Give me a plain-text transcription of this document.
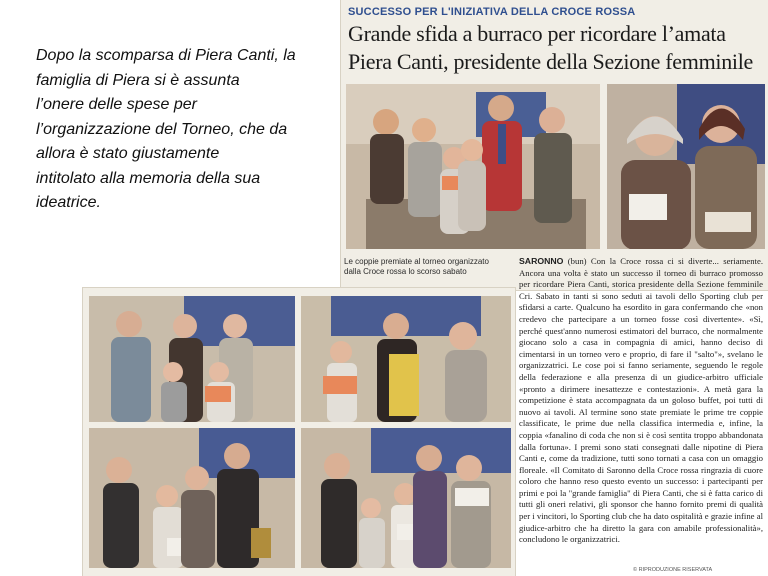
Dopo la scomparsa di Piera Canti, la
famiglia di Piera si è assunta
l’onere delle spese per
l’organizzazione del Torneo, che da
allora è stato giustamente
intitolato alla memoria della sua
ideatrice.
SUCCESSO PER L'INIZIATIVA DELLA CROCE ROSSA
Grande sfida a burraco per ricordare l’amata
Piera Canti, presidente della Sezione femminile
Le coppie premiate al torneo organizzato
dalla Croce rossa lo scorso sabato
SARONNO (bun) Con la Croce rossa ci si diverte... seriamente. Ancora una volta è stato un successo il torneo di burraco promosso per ricordare Piera Canti, storica presidente della Sezione femminile Cri. Sabato in tanti si sono seduti ai tavoli dello Sporting club per sfidarsi a carte. Qualcuno ha esordito in gara confermando che «non credevo che partecipare a un torneo fosse così divertente». «Sì, perché quest'anno numerosi estimatori del burraco, che normalmente giocano solo a casa in compagnia di amici, hanno deciso di cimentarsi in un torneo vero e proprio, di fare il "salto"», svelano le organizzatrici. Le cose poi si fanno seriamente, seguendo le regole della federazione e alla presenza di un giudice-arbitro ufficiale «pronto a dirimere inesattezze e contestazioni». A metà gara la competizione è stata accompagnata da un goloso buffet, poi tutti di nuovo ai tavoli. Al termine sono state premiate le prime tre coppie classificate, le prime due nella classifica intermedia e, infine, la coppia «fanalino di coda che non si è così sentita troppo abbandonata dalla fortuna». I premi sono stati consegnati dalle nipotine di Piera Canti e, come da tradizione, tutti sono tornati a casa con un omaggio floreale. «Il Comitato di Saronno della Croce rossa ringrazia di cuore coloro che hanno reso questo evento un successo: i partecipanti per primi e poi la "grande famiglia" di Piera Canti, che si è fatta carico di tutti gli oneri relativi, gli sponsor che hanno fornito premi di qualità per i vincitori, lo Sporting club che ha dato ospitalità e grazie infine al giudice-arbitro che ha diretto la gara con amabile professionalità», concludono le organizzatrici.
© RIPRODUZIONE RISERVATA
